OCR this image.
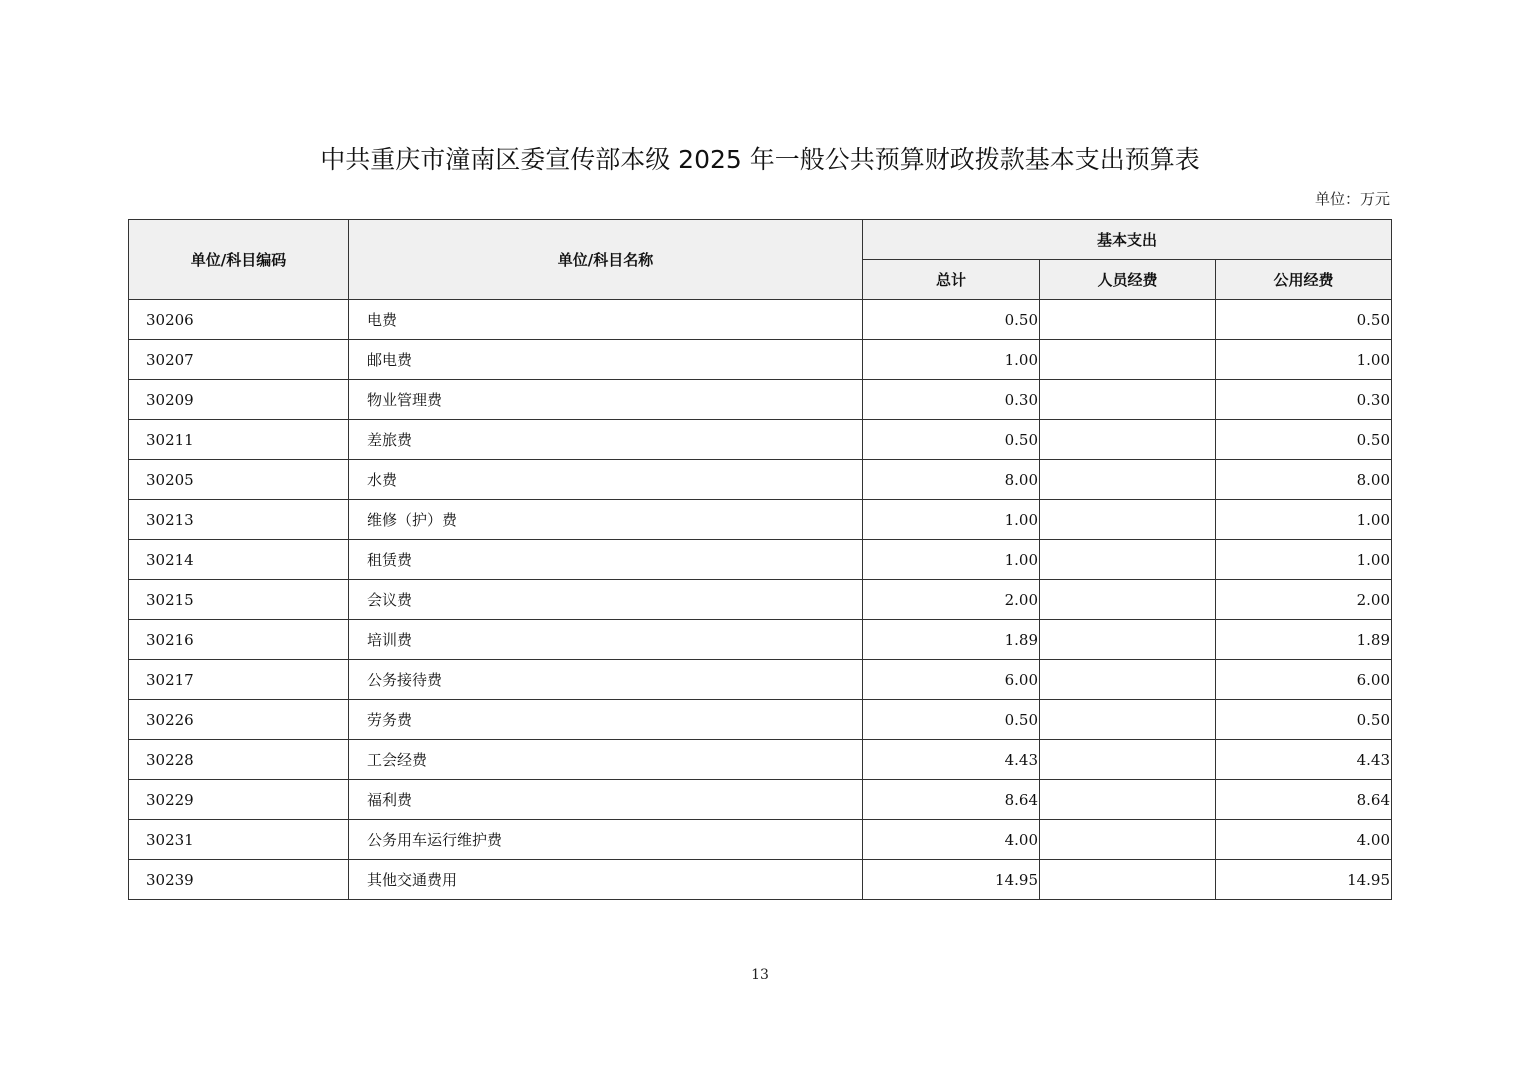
中共重庆市潼南区委宣传部本级 2025 年一般公共预算财政拨款基本支出预算表
单位：万元
单位/科目编码	单位/科目名称	基本支出		
		总计	人员经费	公用经费
30206	电费	0.50		0.50
30207	邮电费	1.00		1.00
30209	物业管理费	0.30		0.30
30211	差旅费	0.50		0.50
30205	水费	8.00		8.00
30213	维修（护）费	1.00		1.00
30214	租赁费	1.00		1.00
30215	会议费	2.00		2.00
30216	培训费	1.89		1.89
30217	公务接待费	6.00		6.00
30226	劳务费	0.50		0.50
30228	工会经费	4.43		4.43
30229	福利费	8.64		8.64
30231	公务用车运行维护费	4.00		4.00
30239	其他交通费用	14.95		14.95
13
